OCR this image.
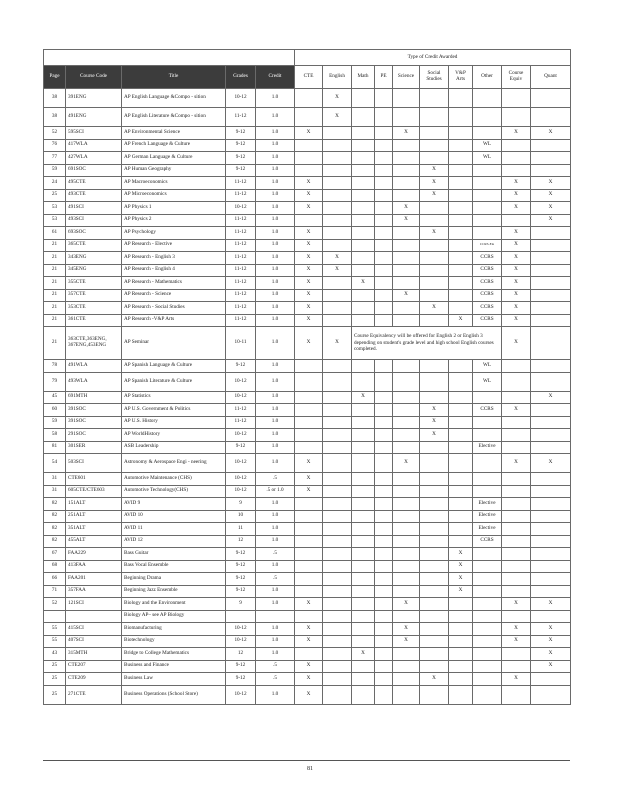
					Type of Credit Awarded									
Page	Course Code	Title	Grades	Credit	CTE	English	Math	PE	Science	Social Studies	V&P Arts	Other	Course Equiv	Quant
38	391ENG	AP English Language &Compo - sition	10-12	1.0		X								
38	491ENG	AP English Literature &Compo - sition	11-12	1.0		X								
52	595SCI	AP Environmental Science	9-12	1.0	X				X				X	X
76	417WLA	AP French Language & Culture	9-12	1.0								WL		
77	427WLA	AP German Language & Culture	9-12	1.0								WL		
59	691SOC	AP Human Geography	9-12	1.0						X				
24	495CTE	AP Macroeconomics	11-12	1.0	X					X			X	X
25	493CTE	AP Microeconomics	11-12	1.0	X					X			X	X
53	491SCI	AP Physics 1	10-12	1.0	X				X				X	X
53	493SCI	AP Physics 2	11-12	1.0					X					X
61	693SOC	AP Psychology	11-12	1.0	X					X			X	
21	365CTE	AP Research - Elective	11-12	1.0	X							CCRS-Ele	X	
21	343ENG	AP Research - English 3	11-12	1.0	X	X						CCRS	X	
21	345ENG	AP Research - English 4	11-12	1.0	X	X						CCRS	X	
21	355CTE	AP Research - Mathematics	11-12	1.0	X		X					CCRS	X	
21	357CTE	AP Research - Science	11-12	1.0	X				X			CCRS	X	
21	353CTE	AP Research - Social Studies	11-12	1.0	X					X		CCRS	X	
21	361CTE	AP Research -V&P Arts	11-12	1.0	X						X	CCRS	X	
21	363CTE,363ENG, 367ENG,453ENG	AP Seminar	10-11	1.0	X	X	Course Equivalency will be offered for English 2 or English 3 depending on student's grade level and high school English courses completed.						X	
78	491WLA	AP Spanish Language & Culture	9-12	1.0								WL		
79	493WLA	AP Spanish Literature & Culture	10-12	1.0								WL		
45	691MTH	AP Statistics	10-12	1.0			X							X
60	391SOC	AP U.S. Government & Politics	11-12	1.0						X		CCRS	X	
59	391SOC	AP U.S. History	11-12	1.0						X				
58	291SOC	AP WorldHistory	10-12	1.0						X				
81	301SER	ASB Leadership	9-12	1.0								Elective		
54	503SCI	Astronomy & Aerospace Engi - neering	10-12	1.0	X				X				X	X
31	CTE601	Automotive Maintenance (CHS)	10-12	.5	X									
31	605CTE/CTE603	Automotive Technology(CHS)	10-12	.5 or 1.0	X									
82	151ALT	AVID 9	9	1.0								Elective		
82	251ALT	AVID 10	10	1.0								Elective		
82	351ALT	AVID 11	11	1.0								Elective		
82	455ALT	AVID 12	12	1.0								CCRS		
67	FAA229	Bass Guitar	9-12	.5							X			
68	413FAA	Bass Vocal Ensemble	9-12	1.0							X			
66	FAA201	Beginning Drama	9-12	.5							X			
71	357FAA	Beginning Jazz Ensemble	9-12	1.0							X			
52	121SCI	Biology and the Environment	9	1.0	X				X				X	X
		Biology AP– see AP Biology												
55	415SCI	Biomanufacturing	10-12	1.0	X				X				X	X
55	407SCI	Biotechnology	10-12	1.0	X				X				X	X
43	315MTH	Bridge to College Mathematics	12	1.0			X							X
25	CTE207	Business and Finance	9-12	.5	X									X
25	CTE209	Business Law	9-12	.5	X					X			X	
25	271CTE	Business Operations (School Store)	10-12	1.0	X									
81
